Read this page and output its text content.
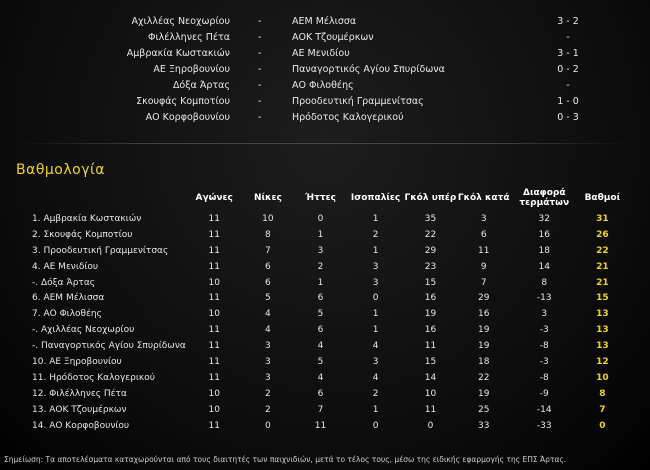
Αχιλλέας Νεοχωρίου	-	ΑΕΜ Μέλισσα	3 - 2
Φιλέλληνες Πέτα	-	ΑΟΚ Τζουμέρκων	-
Αμβρακία Κωστακιών	-	ΑΕ Μενιδίου	3 - 1
ΑΕ Ξηροβουνίου	-	Παναγορτικός Αγίου Σπυρίδωνα	0 - 2
Δόξα Άρτας	-	ΑΟ Φιλοθέης	-
Σκουφάς Κομποτίου	-	Προοδευτική Γραμμενίτσας	1 - 0
ΑΟ Κορφοβουνίου	-	Ηρόδοτος Καλογερικού	0 - 3
Βαθμολογία
	Αγώνες	Νίκες	Ήττες	Ισοπαλίες	Γκόλ υπέρ	Γκόλ κατά	Διαφορά τερμάτων	Βαθμοί
1. Αμβρακία Κωστακιών	11	10	0	1	35	3	32	31
2. Σκουφάς Κομποτίου	11	8	1	2	22	6	16	26
3. Προοδευτική Γραμμενίτσας	11	7	3	1	29	11	18	22
4. ΑΕ Μενιδίου	11	6	2	3	23	9	14	21
-. Δόξα Άρτας	10	6	1	3	15	7	8	21
6. ΑΕΜ Μέλισσα	11	5	6	0	16	29	-13	15
7. ΑΟ Φιλοθέης	10	4	5	1	19	16	3	13
-. Αχιλλέας Νεοχωρίου	11	4	6	1	16	19	-3	13
-. Παναγορτικός Αγίου Σπυρίδωνα	11	3	4	4	11	19	-8	13
10. ΑΕ Ξηροβουνίου	11	3	5	3	15	18	-3	12
11. Ηρόδοτος Καλογερικού	11	3	4	4	14	22	-8	10
12. Φιλέλληνες Πέτα	10	2	6	2	10	19	-9	8
13. ΑΟΚ Τζουμέρκων	10	2	7	1	11	25	-14	7
14. ΑΟ Κορφοβουνίου	11	0	11	0	0	33	-33	0
Σημείωση: Τα αποτελέσματα καταχωρούνται από τους διαιτητές των παιχνιδιών, μετά το τέλος τους, μέσω της ειδικής εφαρμογής της ΕΠΣ Άρτας.
